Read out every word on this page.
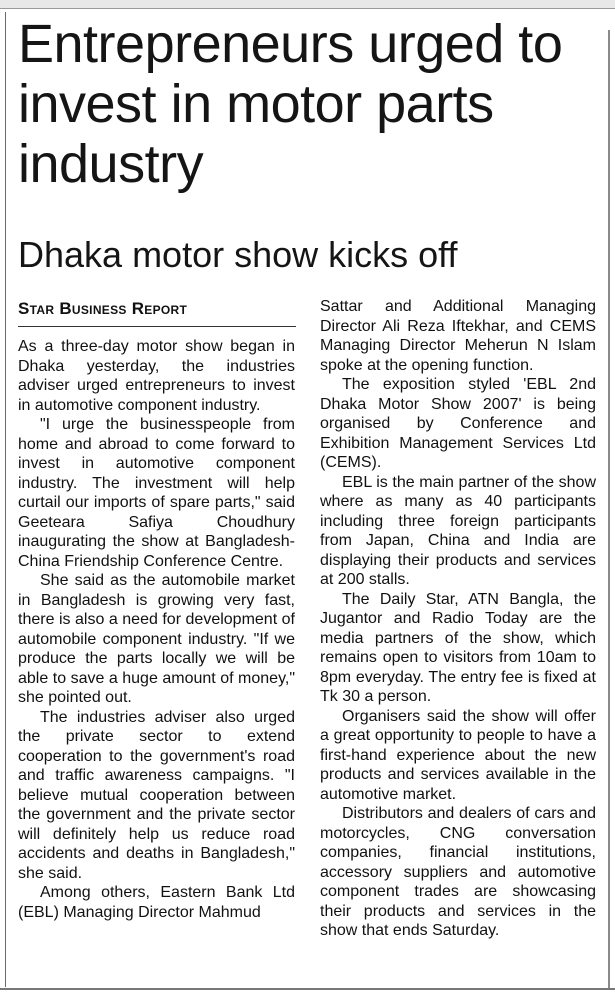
Entrepreneurs urged to invest in motor parts industry
Dhaka motor show kicks off
Star Business Report

As a three-day motor show began in Dhaka yesterday, the industries adviser urged entrepreneurs to invest in automotive component industry.

"I urge the businesspeople from home and abroad to come forward to invest in automotive component industry. The investment will help curtail our imports of spare parts," said Geeteara Safiya Choudhury inaugurating the show at Bangladesh-China Friendship Conference Centre.

She said as the automobile market in Bangladesh is growing very fast, there is also a need for development of automobile component industry. "If we produce the parts locally we will be able to save a huge amount of money," she pointed out.

The industries adviser also urged the private sector to extend cooperation to the government's road and traffic awareness campaigns. "I believe mutual cooperation between the government and the private sector will definitely help us reduce road accidents and deaths in Bangladesh," she said.

Among others, Eastern Bank Ltd (EBL) Managing Director Mahmud

Sattar and Additional Managing Director Ali Reza Iftekhar, and CEMS Managing Director Meherun N Islam spoke at the opening function.

The exposition styled 'EBL 2nd Dhaka Motor Show 2007' is being organised by Conference and Exhibition Management Services Ltd (CEMS).

EBL is the main partner of the show where as many as 40 participants including three foreign participants from Japan, China and India are displaying their products and services at 200 stalls.

The Daily Star, ATN Bangla, the Jugantor and Radio Today are the media partners of the show, which remains open to visitors from 10am to 8pm everyday. The entry fee is fixed at Tk 30 a person.

Organisers said the show will offer a great opportunity to people to have a first-hand experience about the new products and services available in the automotive market.

Distributors and dealers of cars and motorcycles, CNG conversation companies, financial institutions, accessory suppliers and automotive component trades are showcasing their products and services in the show that ends Saturday.
